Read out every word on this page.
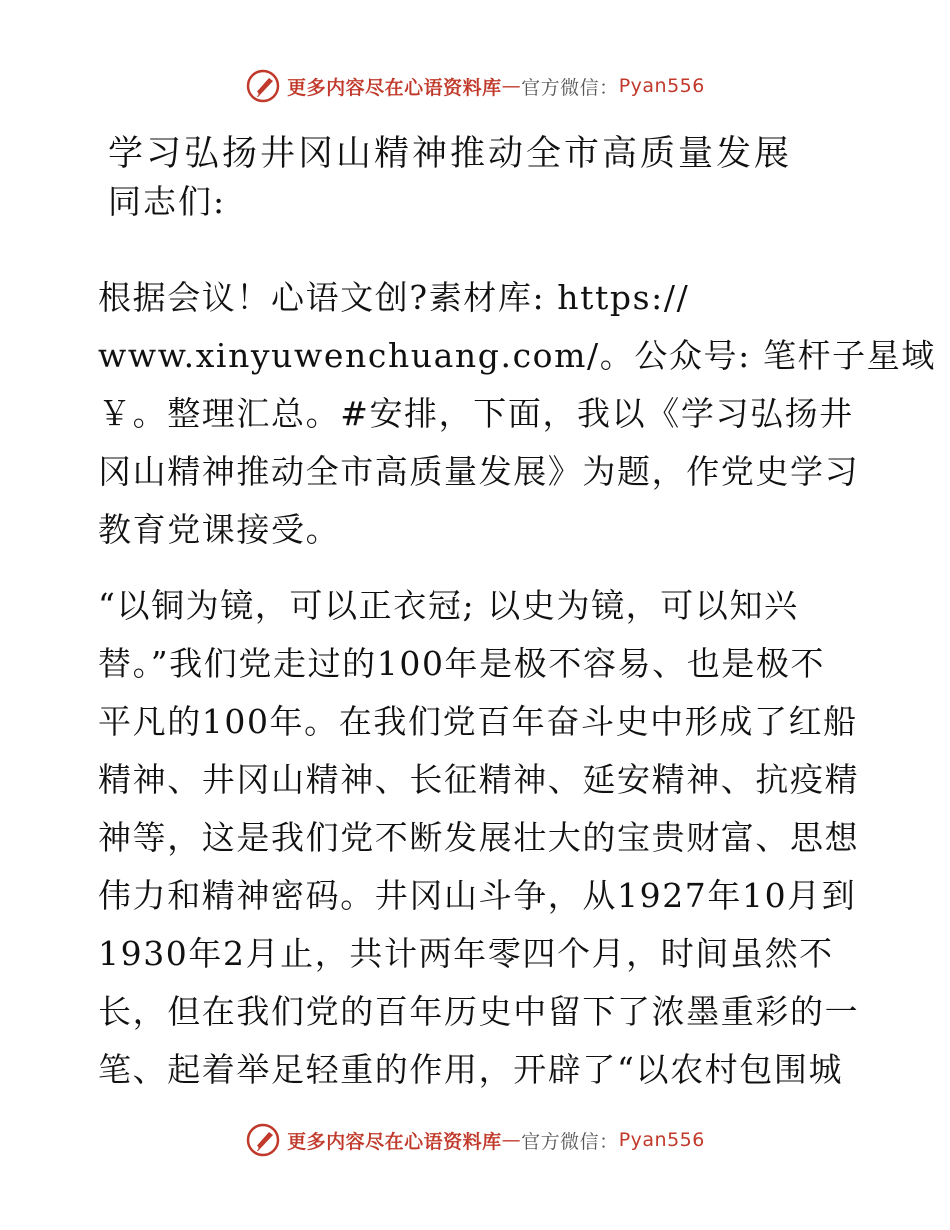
更多内容尽在心语资料库 — 官方微信： Pyan556
学习弘扬井冈山精神推动全市高质量发展
同志们:
根据会议！心语文创?素材库: https://
www.xinyuwenchuang.com/。公众号: 笔杆子星域
￥。整理汇总。#安排，下面，我以《学习弘扬井
冈山精神推动全市高质量发展》为题，作党史学习
教育党课接受。
“以铜为镜，可以正衣冠; 以史为镜，可以知兴
替。”我们党走过的100年是极不容易、也是极不
平凡的100年。在我们党百年奋斗史中形成了红船
精神、井冈山精神、长征精神、延安精神、抗疫精
神等，这是我们党不断发展壮大的宝贵财富、思想
伟力和精神密码。井冈山斗争，从1927年10月到
1930年2月止，共计两年零四个月，时间虽然不
长，但在我们党的百年历史中留下了浓墨重彩的一
笔、起着举足轻重的作用，开辟了“以农村包围城
更多内容尽在心语资料库 — 官方微信： Pyan556
